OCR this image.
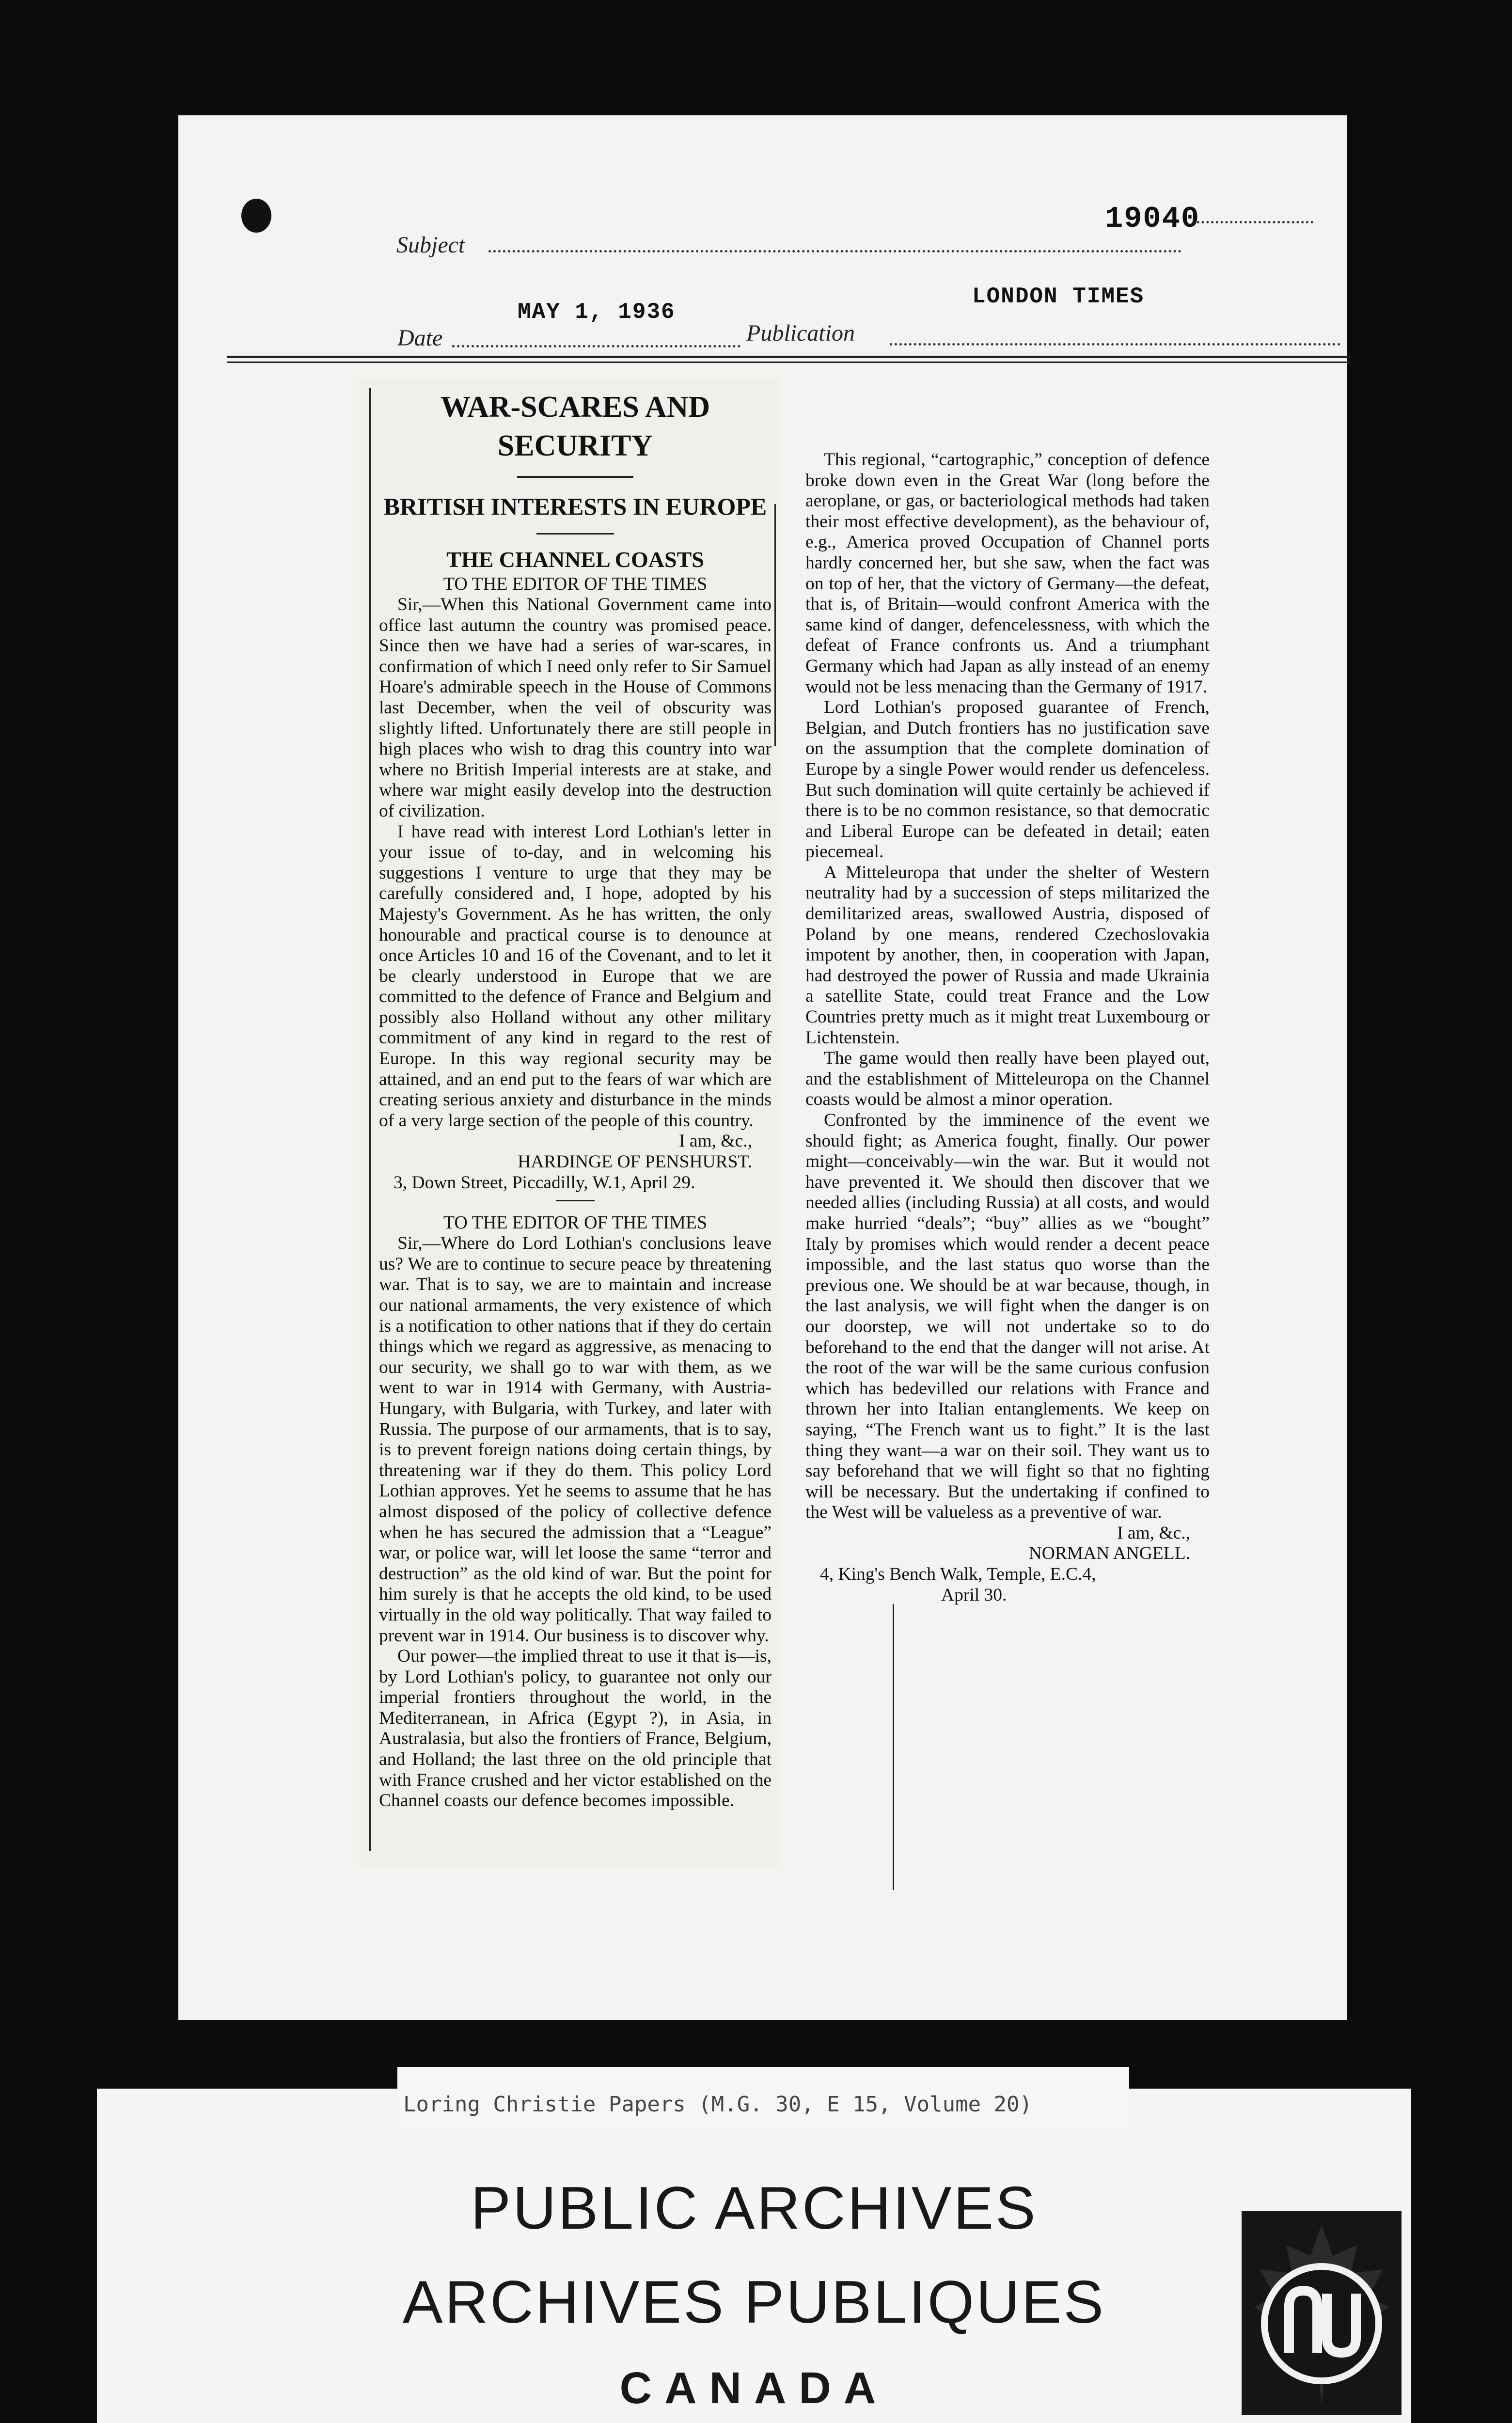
19040
Subject
MAY 1, 1936
LONDON TIMES
Date	Publication
WAR-SCARES AND SECURITY
BRITISH INTERESTS IN EUROPE
THE CHANNEL COASTS
TO THE EDITOR OF THE TIMES

Sir,—When this National Government came into office last autumn the country was promised peace. Since then we have had a series of war-scares, in confirmation of which I need only refer to Sir Samuel Hoare's admirable speech in the House of Commons last December, when the veil of obscurity was slightly lifted. Unfortunately there are still people in high places who wish to drag this country into war where no British Imperial interests are at stake, and where war might easily develop into the destruction of civilization.

I have read with interest Lord Lothian's letter in your issue of to-day, and in welcoming his suggestions I venture to urge that they may be carefully considered and, I hope, adopted by his Majesty's Government. As he has written, the only honourable and practical course is to denounce at once Articles 10 and 16 of the Covenant, and to let it be clearly understood in Europe that we are committed to the defence of France and Belgium and possibly also Holland without any other military commitment of any kind in regard to the rest of Europe. In this way regional security may be attained, and an end put to the fears of war which are creating serious anxiety and disturbance in the minds of a very large section of the people of this country.

I am, &c.,
HARDINGE OF PENSHURST.

3, Down Street, Piccadilly, W.1, April 29.

TO THE EDITOR OF THE TIMES

Sir,—Where do Lord Lothian's conclusions leave us? We are to continue to secure peace by threatening war. That is to say, we are to maintain and increase our national armaments, the very existence of which is a notification to other nations that if they do certain things which we regard as aggressive, as menacing to our security, we shall go to war with them, as we went to war in 1914 with Germany, with Austria-Hungary, with Bulgaria, with Turkey, and later with Russia. The purpose of our armaments, that is to say, is to prevent foreign nations doing certain things, by threatening war if they do them. This policy Lord Lothian approves. Yet he seems to assume that he has almost disposed of the policy of collective defence when he has secured the admission that a “League” war, or police war, will let loose the same “terror and destruction” as the old kind of war. But the point for him surely is that he accepts the old kind, to be used virtually in the old way politically. That way failed to prevent war in 1914. Our business is to discover why.

Our power—the implied threat to use it that is—is, by Lord Lothian's policy, to guarantee not only our imperial frontiers throughout the world, in the Mediterranean, in Africa (Egypt ?), in Asia, in Australasia, but also the frontiers of France, Belgium, and Holland; the last three on the old principle that with France crushed and her victor established on the Channel coasts our defence becomes impossible.

This regional, “cartographic,” conception of defence broke down even in the Great War (long before the aeroplane, or gas, or bacteriological methods had taken their most effective development), as the behaviour of, e.g., America proved Occupation of Channel ports hardly concerned her, but she saw, when the fact was on top of her, that the victory of Germany—the defeat, that is, of Britain—would confront America with the same kind of danger, defencelessness, with which the defeat of France confronts us. And a triumphant Germany which had Japan as ally instead of an enemy would not be less menacing than the Germany of 1917.

Lord Lothian's proposed guarantee of French, Belgian, and Dutch frontiers has no justification save on the assumption that the complete domination of Europe by a single Power would render us defenceless. But such domination will quite certainly be achieved if there is to be no common resistance, so that democratic and Liberal Europe can be defeated in detail; eaten piecemeal.

A Mitteleuropa that under the shelter of Western neutrality had by a succession of steps militarized the demilitarized areas, swallowed Austria, disposed of Poland by one means, rendered Czechoslovakia impotent by another, then, in cooperation with Japan, had destroyed the power of Russia and made Ukrainia a satellite State, could treat France and the Low Countries pretty much as it might treat Luxembourg or Lichtenstein.

The game would then really have been played out, and the establishment of Mitteleuropa on the Channel coasts would be almost a minor operation.

Confronted by the imminence of the event we should fight; as America fought, finally. Our power might—conceivably—win the war. But it would not have prevented it. We should then discover that we needed allies (including Russia) at all costs, and would make hurried “deals”; “buy” allies as we “bought” Italy by promises which would render a decent peace impossible, and the last status quo worse than the previous one. We should be at war because, though, in the last analysis, we will fight when the danger is on our doorstep, we will not undertake so to do beforehand to the end that the danger will not arise. At the root of the war will be the same curious confusion which has bedevilled our relations with France and thrown her into Italian entanglements. We keep on saying, “The French want us to fight.” It is the last thing they want—a war on their soil. They want us to say beforehand that we will fight so that no fighting will be necessary. But the undertaking if confined to the West will be valueless as a preventive of war.

I am, &c.,
NORMAN ANGELL.

4, King's Bench Walk, Temple, E.C.4,

April 30.

PUBLIC ARCHIVES
ARCHIVES PUBLIQUES
CANADA
Loring Christie Papers (M.G. 30, E 15, Volume 20)
